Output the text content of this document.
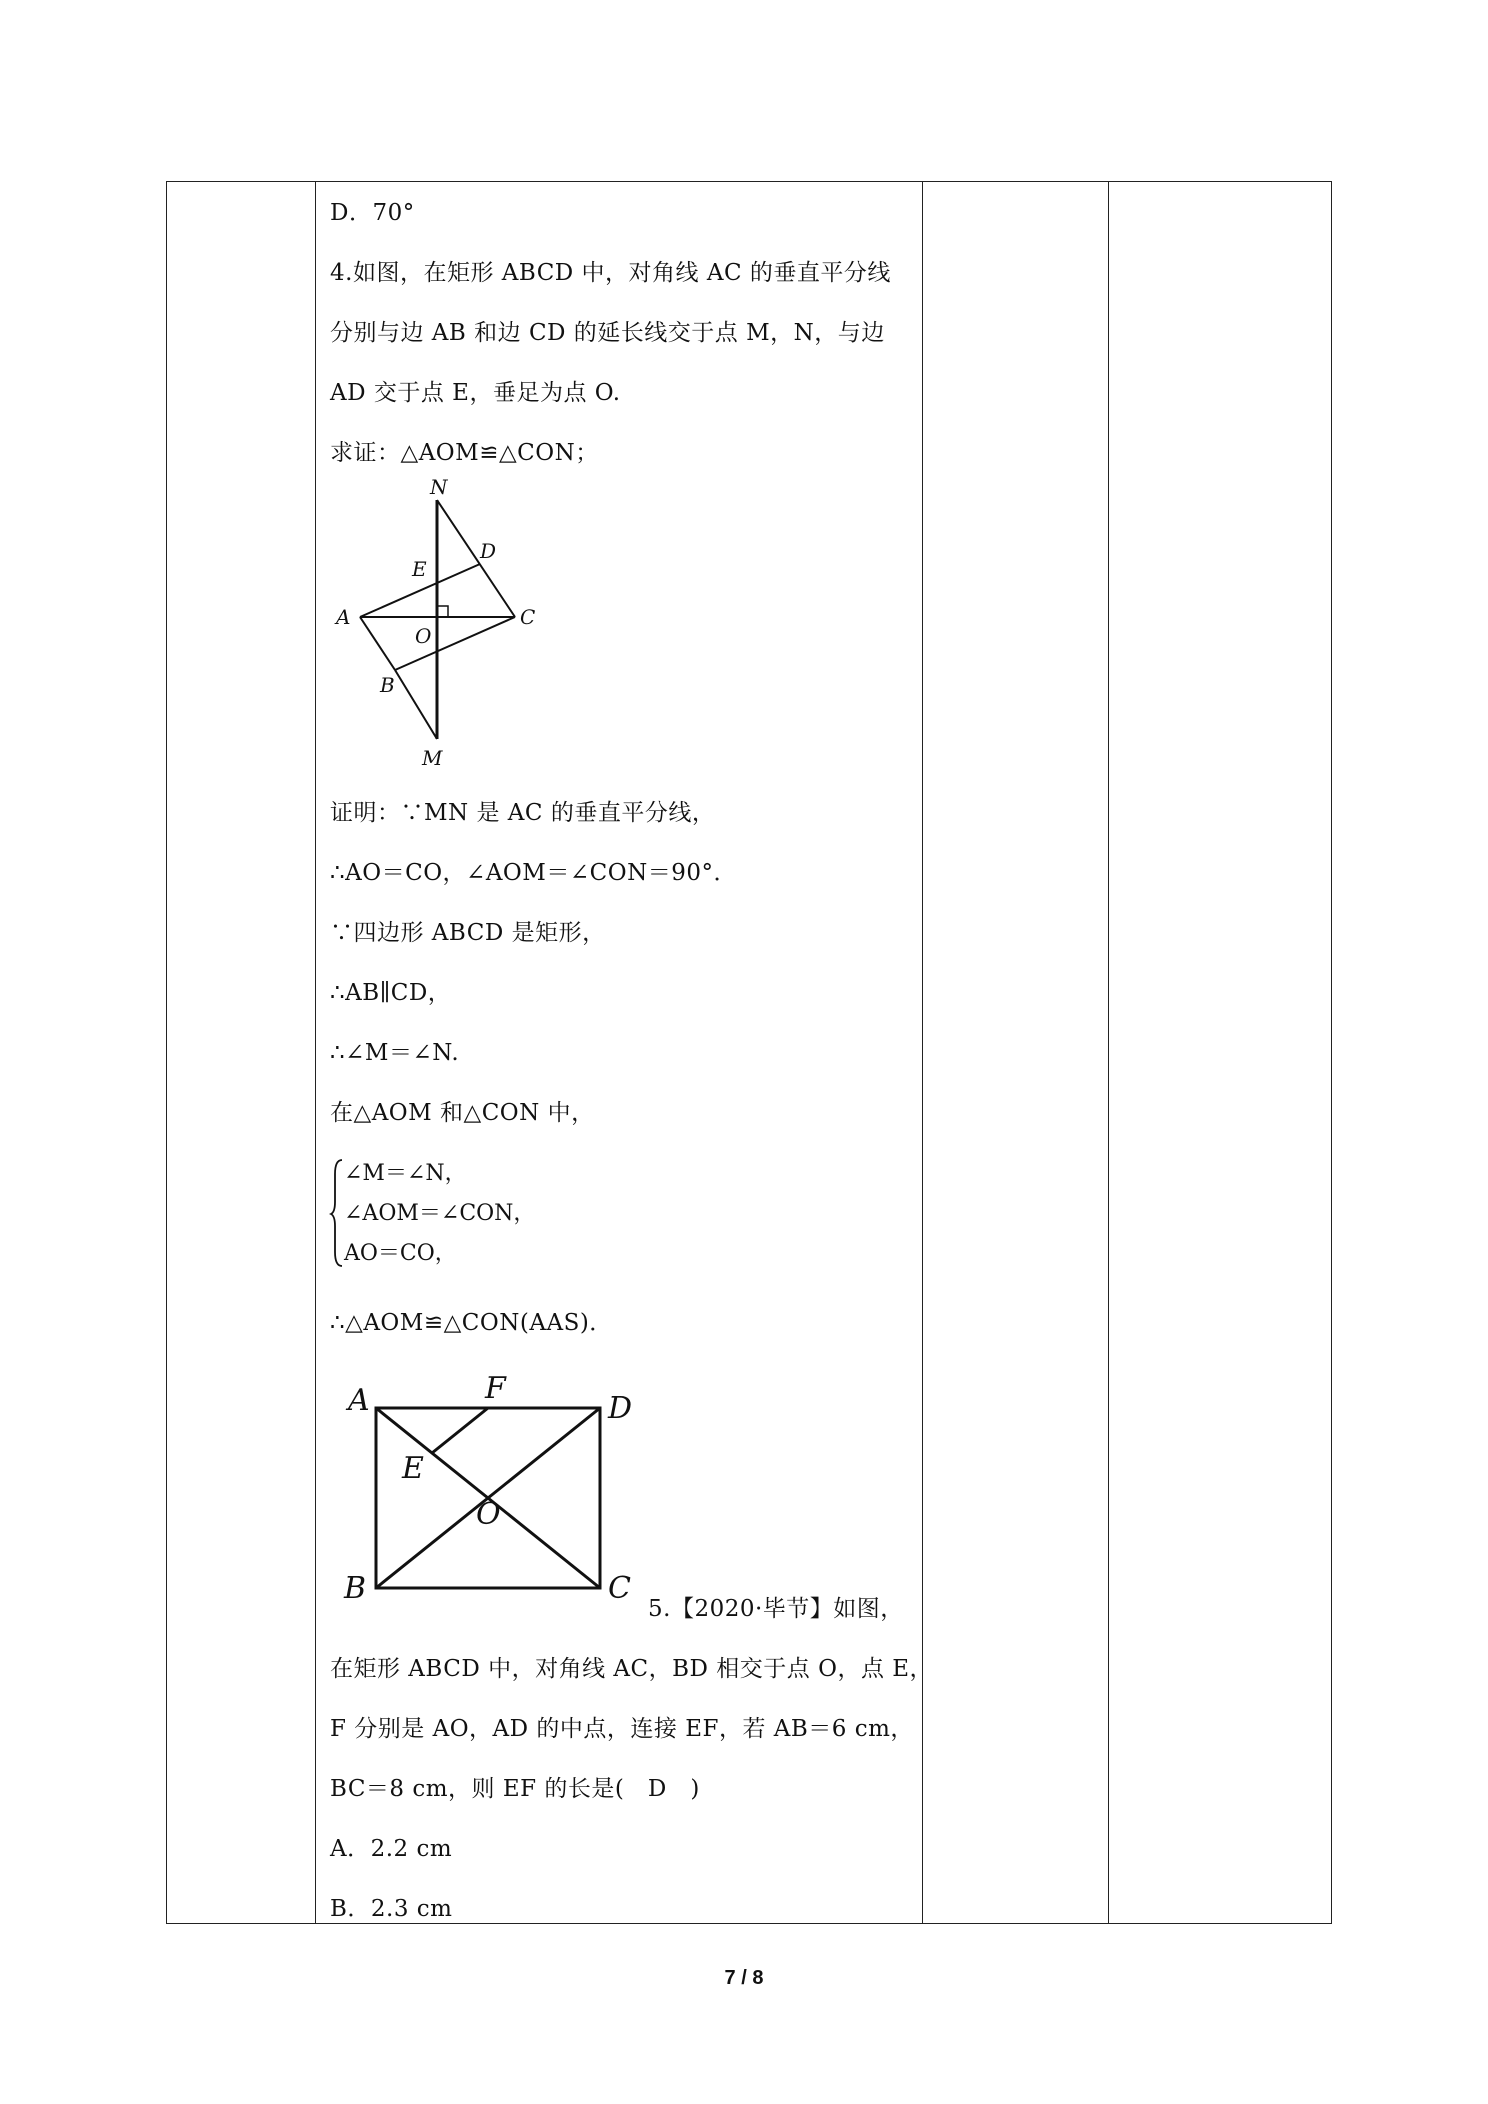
D．70°
4.如图，在矩形 ABCD 中，对角线 AC 的垂直平分线
分别与边 AB 和边 CD 的延长线交于点 M，N，与边
AD 交于点 E，垂足为点 O.
求证：△AOM≌△CON；
N
D
E
A
O
C
B
M
证明：∵MN 是 AC 的垂直平分线，
∴AO＝CO，∠AOM＝∠CON＝90°．
∵四边形 ABCD 是矩形，
∴AB∥CD，
∴∠M＝∠N.
在△AOM 和△CON 中，
∠M＝∠N，
∠AOM＝∠CON，
AO＝CO，
∴△AOM≌△CON(AAS)．
A	F
D
E
O
B	C
5.【2020·毕节】如图，
在矩形 ABCD 中，对角线 AC，BD 相交于点 O，点 E，
F 分别是 AO，AD 的中点，连接 EF，若 AB＝6 cm，
BC＝8 cm，则 EF 的长是(　D　)
A．2.2 cm
B．2.3 cm
7 / 8
